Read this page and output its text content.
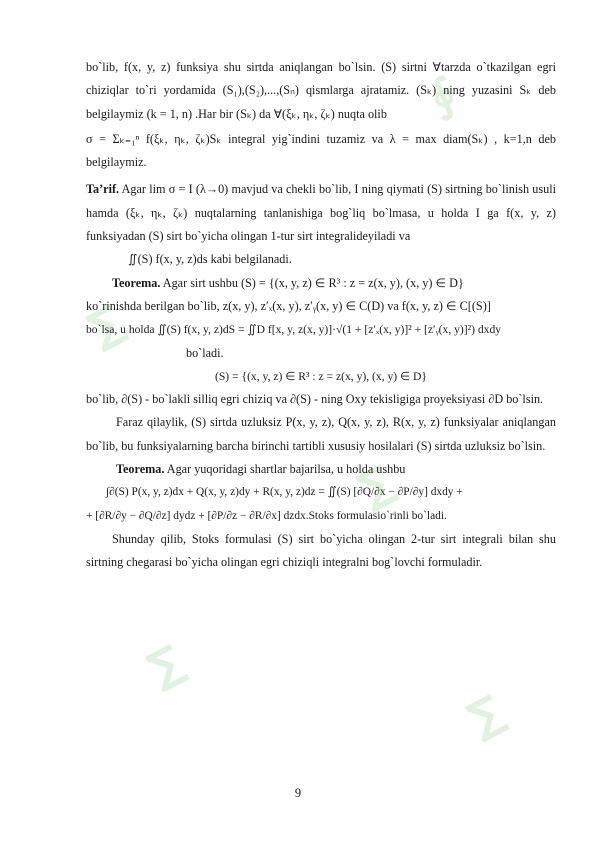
∮
∑
∑
∑
∑

bo`lib, f(x, y, z) funksiya shu sirtda aniqlangan bo`lsin. (S) sirtni ∀tarzda o`tkazilgan egri chiziqlar to`ri yordamida (S₁),(S₂),...,(Sₙ) qismlarga ajratamiz. (Sₖ) ning yuzasini Sₖ deb belgilaymiz (k = 1, n) .Har bir (Sₖ) da ∀(ξₖ, ηₖ, ζₖ) nuqta olib

σ = Σₖ₌₁ⁿ f(ξₖ, ηₖ, ζₖ)Sₖ integral yig`indini tuzamiz va λ = max diam(Sₖ) , k=1,n deb belgilaymiz.

Ta’rif. Agar lim σ = I (λ→0) mavjud va chekli bo`lib, I ning qiymati (S) sirtning bo`linish usuli hamda (ξₖ, ηₖ, ζₖ) nuqtalarning tanlanishiga bog`liq bo`lmasa, u holda I ga f(x, y, z) funksiyadan (S) sirt bo`yicha olingan 1-tur sirt integralideyiladi va

∬(S) f(x, y, z)ds kabi belgilanadi.

Teorema. Agar sirt ushbu (S) = {(x, y, z) ∈ R³ : z = z(x, y), (x, y) ∈ D}

ko`rinishda berilgan bo`lib, z(x, y), z′ₓ(x, y), z′ᵧ(x, y) ∈ C(D) va f(x, y, z) ∈ C[(S)]

bo`lsa, u holda ∬(S) f(x, y, z)dS = ∬D f[x, y, z(x, y)]·√(1 + [z′ₓ(x, y)]² + [z′ᵧ(x, y)]²) dxdy

bo`ladi.

(S) = {(x, y, z) ∈ R³ : z = z(x, y), (x, y) ∈ D}

bo`lib, ∂(S) - bo`lakli silliq egri chiziq va ∂(S) - ning Oxy tekisligiga proyeksiyasi ∂D bo`lsin.

Faraz qilaylik, (S) sirtda uzluksiz P(x, y, z), Q(x, y, z), R(x, y, z) funksiyalar aniqlangan bo`lib, bu funksiyalarning barcha birinchi tartibli xususiy hosilalari (S) sirtda uzluksiz bo`lsin.

Teorema. Agar yuqoridagi shartlar bajarilsa, u holda ushbu

∫∂(S) P(x, y, z)dx + Q(x, y, z)dy + R(x, y, z)dz = ∬(S) [∂Q/∂x − ∂P/∂y] dxdy +

+ [∂R/∂y − ∂Q/∂z] dydz + [∂P/∂z − ∂R/∂x] dzdx.Stoks formulasio`rinli bo`ladi.

Shunday qilib, Stoks formulasi (S) sirt bo`yicha olingan 2-tur sirt integrali bilan shu sirtning chegarasi bo`yicha olingan egri chiziqli integralni bog`lovchi formuladir.

9
